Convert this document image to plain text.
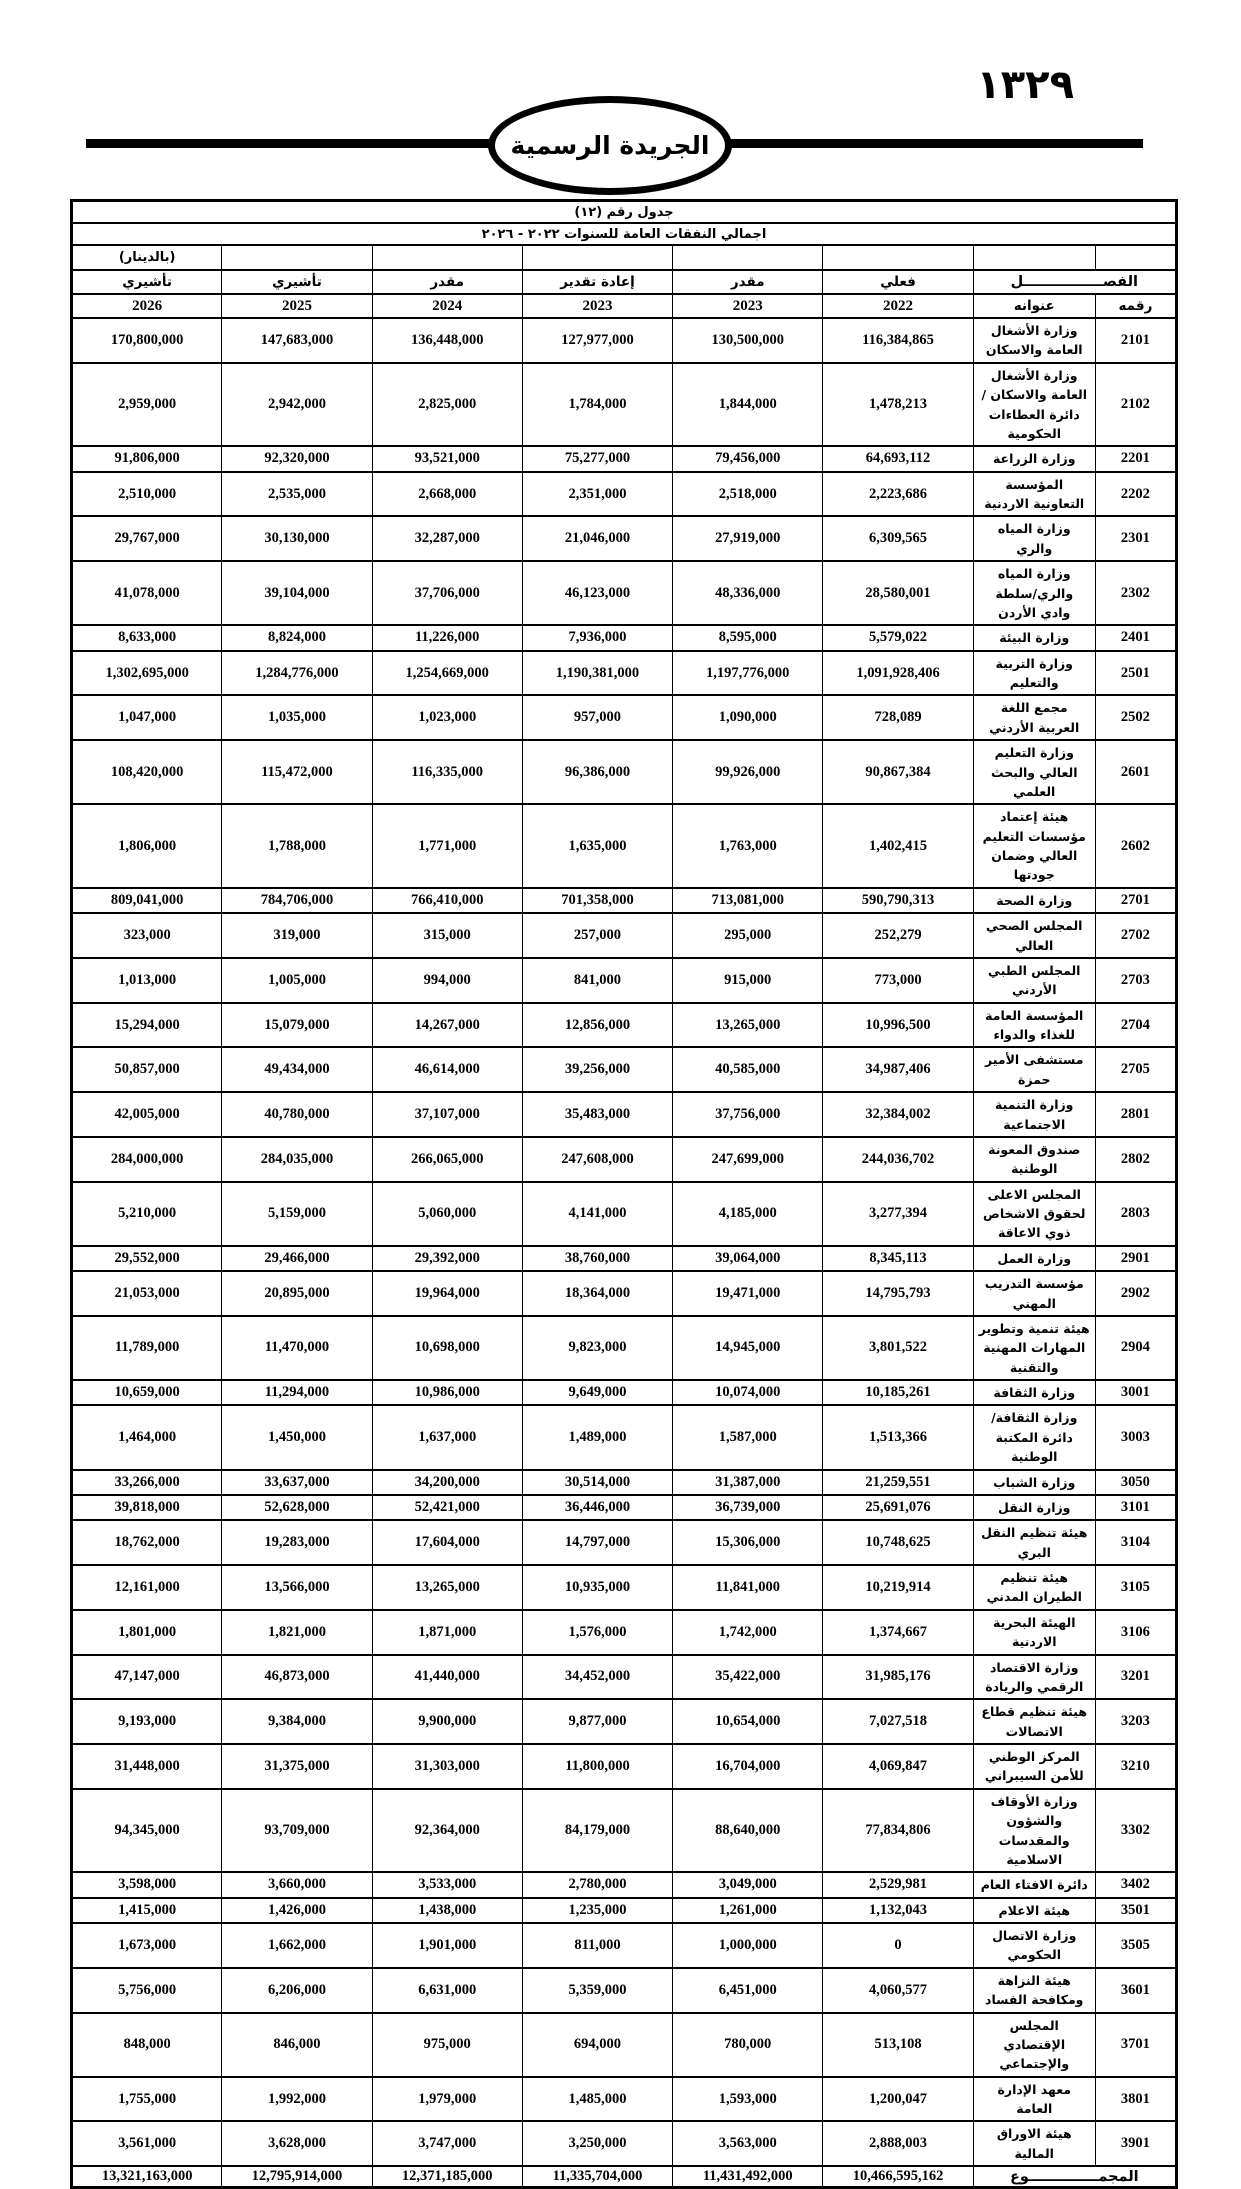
١٣٢٩
الجريدة الرسمية
جدول رقم (١٢)							
اجمالي النفقات العامة للسنوات ٢٠٢٢ - ٢٠٢٦							
							(بالدينار)
الفصــــــــــــــــل		فعلي	مقدر	إعادة تقدير	مقدر	تأشيري	تأشيري
رقمه	عنوانه	2022	2023	2023	2024	2025	2026
2101	وزارة الأشغال العامة والاسكان	116,384,865	130,500,000	127,977,000	136,448,000	147,683,000	170,800,000
2102	وزارة الأشغال العامة والاسكان / دائرة العطاءات الحكومية	1,478,213	1,844,000	1,784,000	2,825,000	2,942,000	2,959,000
2201	وزارة الزراعة	64,693,112	79,456,000	75,277,000	93,521,000	92,320,000	91,806,000
2202	المؤسسة التعاونية الاردنية	2,223,686	2,518,000	2,351,000	2,668,000	2,535,000	2,510,000
2301	وزارة المياه والري	6,309,565	27,919,000	21,046,000	32,287,000	30,130,000	29,767,000
2302	وزارة المياه والري/سلطة وادي الأردن	28,580,001	48,336,000	46,123,000	37,706,000	39,104,000	41,078,000
2401	وزارة البيئة	5,579,022	8,595,000	7,936,000	11,226,000	8,824,000	8,633,000
2501	وزارة التربية والتعليم	1,091,928,406	1,197,776,000	1,190,381,000	1,254,669,000	1,284,776,000	1,302,695,000
2502	مجمع اللغة العربية الأردني	728,089	1,090,000	957,000	1,023,000	1,035,000	1,047,000
2601	وزارة التعليم العالي والبحث العلمي	90,867,384	99,926,000	96,386,000	116,335,000	115,472,000	108,420,000
2602	هيئة إعتماد مؤسسات التعليم العالي وضمان جودتها	1,402,415	1,763,000	1,635,000	1,771,000	1,788,000	1,806,000
2701	وزارة الصحة	590,790,313	713,081,000	701,358,000	766,410,000	784,706,000	809,041,000
2702	المجلس الصحي العالي	252,279	295,000	257,000	315,000	319,000	323,000
2703	المجلس الطبي الأردني	773,000	915,000	841,000	994,000	1,005,000	1,013,000
2704	المؤسسة العامة للغذاء والدواء	10,996,500	13,265,000	12,856,000	14,267,000	15,079,000	15,294,000
2705	مستشفى الأمير حمزة	34,987,406	40,585,000	39,256,000	46,614,000	49,434,000	50,857,000
2801	وزارة التنمية الاجتماعية	32,384,002	37,756,000	35,483,000	37,107,000	40,780,000	42,005,000
2802	صندوق المعونة الوطنية	244,036,702	247,699,000	247,608,000	266,065,000	284,035,000	284,000,000
2803	المجلس الاعلى لحقوق الاشخاص ذوي الاعاقة	3,277,394	4,185,000	4,141,000	5,060,000	5,159,000	5,210,000
2901	وزارة العمل	8,345,113	39,064,000	38,760,000	29,392,000	29,466,000	29,552,000
2902	مؤسسة التدريب المهني	14,795,793	19,471,000	18,364,000	19,964,000	20,895,000	21,053,000
2904	هيئة تنمية وتطوير المهارات المهنية والتقنية	3,801,522	14,945,000	9,823,000	10,698,000	11,470,000	11,789,000
3001	وزارة الثقافة	10,185,261	10,074,000	9,649,000	10,986,000	11,294,000	10,659,000
3003	وزارة الثقافة/دائرة المكتبة الوطنية	1,513,366	1,587,000	1,489,000	1,637,000	1,450,000	1,464,000
3050	وزارة الشباب	21,259,551	31,387,000	30,514,000	34,200,000	33,637,000	33,266,000
3101	وزارة النقل	25,691,076	36,739,000	36,446,000	52,421,000	52,628,000	39,818,000
3104	هيئة تنظيم النقل البري	10,748,625	15,306,000	14,797,000	17,604,000	19,283,000	18,762,000
3105	هيئة تنظيم الطيران المدني	10,219,914	11,841,000	10,935,000	13,265,000	13,566,000	12,161,000
3106	الهيئة البحرية الاردنية	1,374,667	1,742,000	1,576,000	1,871,000	1,821,000	1,801,000
3201	وزارة الاقتصاد الرقمي والريادة	31,985,176	35,422,000	34,452,000	41,440,000	46,873,000	47,147,000
3203	هيئة تنظيم قطاع الاتصالات	7,027,518	10,654,000	9,877,000	9,900,000	9,384,000	9,193,000
3210	المركز الوطني للأمن السيبراني	4,069,847	16,704,000	11,800,000	31,303,000	31,375,000	31,448,000
3302	وزارة الأوقاف والشؤون والمقدسات الاسلامية	77,834,806	88,640,000	84,179,000	92,364,000	93,709,000	94,345,000
3402	دائرة الافتاء العام	2,529,981	3,049,000	2,780,000	3,533,000	3,660,000	3,598,000
3501	هيئة الاعلام	1,132,043	1,261,000	1,235,000	1,438,000	1,426,000	1,415,000
3505	وزارة الاتصال الحكومي	0	1,000,000	811,000	1,901,000	1,662,000	1,673,000
3601	هيئة النزاهة ومكافحة الفساد	4,060,577	6,451,000	5,359,000	6,631,000	6,206,000	5,756,000
3701	المجلس الإقتصادي والإجتماعي	513,108	780,000	694,000	975,000	846,000	848,000
3801	معهد الإدارة العامة	1,200,047	1,593,000	1,485,000	1,979,000	1,992,000	1,755,000
3901	هيئة الاوراق المالية	2,888,003	3,563,000	3,250,000	3,747,000	3,628,000	3,561,000
المجمــــــــــــــوع		10,466,595,162	11,431,492,000	11,335,704,000	12,371,185,000	12,795,914,000	13,321,163,000
